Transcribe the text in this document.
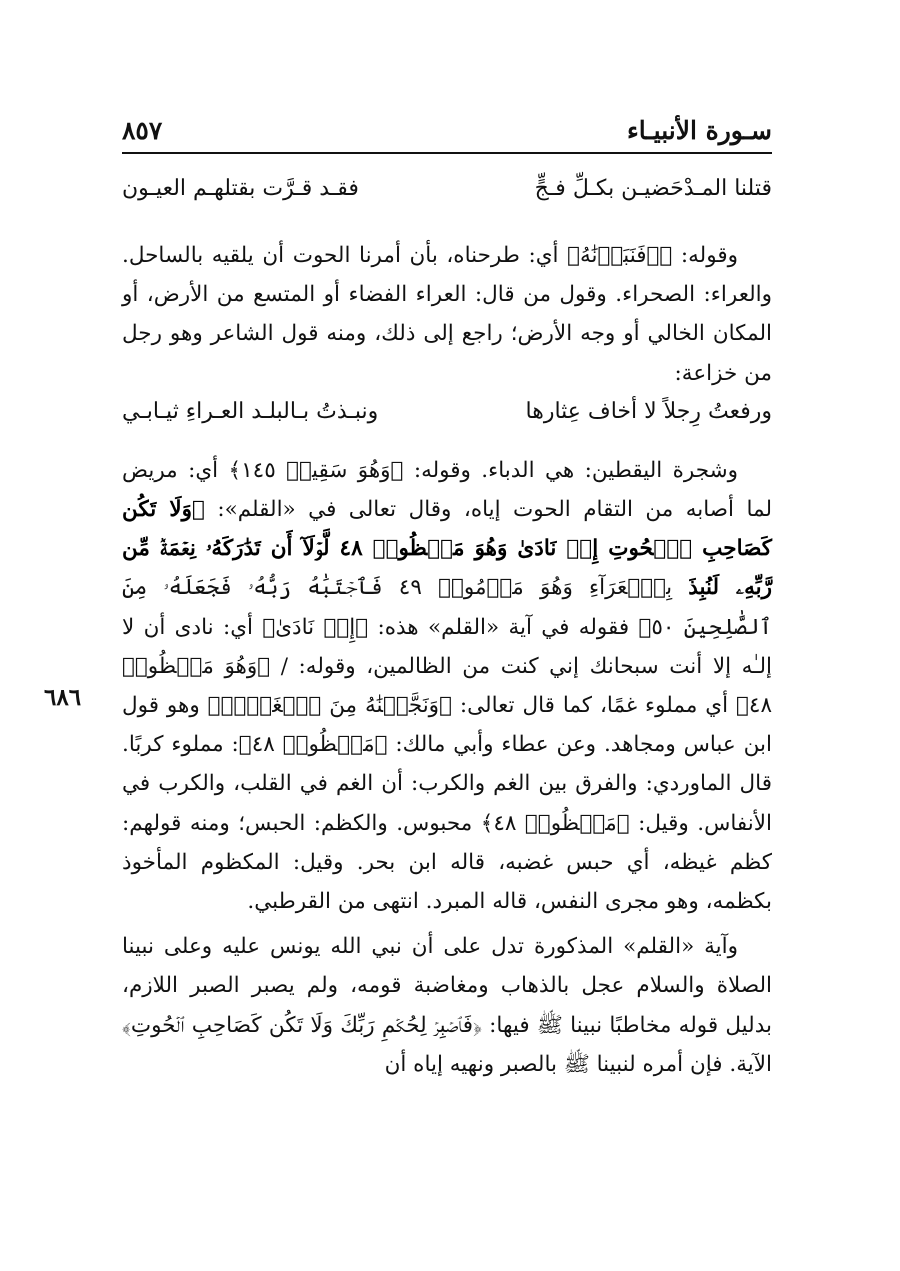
سـورة الأنبيـاء
٨٥٧
قتلنا المـدْحَضيـن بكـلِّ فـجٍّ
فقـد قـرَّت بقتلهـم العيـون

وقوله: ﴿ﵞفَنَبَذۡنَٰهُ﴾ أي: طرحناه، بأن أمرنا الحوت أن يلقيه بالساحل. والعراء: الصحراء. وقول من قال: العراء الفضاء أو المتسع من الأرض، أو المكان الخالي أو وجه الأرض؛ راجع إلى ذلك، ومنه قول الشاعر وهو رجل من خزاعة:

ورفعتُ رِجلاً لا أخاف عِثارها
ونبـذتُ بـالبلـد العـراءِ ثيـابـي

وشجرة اليقطين: هي الدباء. وقوله: ﴿وَهُوَ سَقِيمٞ ١٤٥﴾ أي: مريض لما أصابه من التقام الحوت إياه، وقال تعالى في «القلم»: ﴿وَلَا تَكُن كَصَاحِبِ ٱلۡحُوتِ إِذۡ نَادَىٰ وَهُوَ مَكۡظُومٞ ٤٨ لَّوۡلَآ أَن تَدَٰرَكَهُۥ نِعۡمَةٞ مِّن رَّبِّهِۦ لَنُبِذَ بِٱلۡعَرَآءِ وَهُوَ مَذۡمُومٞ ٤٩ فَٱجۡتَبَٰهُ رَبُّهُۥ فَجَعَلَهُۥ مِنَ ٱلصَّٰلِحِينَ ٥٠﴾ فقوله في آية «القلم» هذه: ﴿إِذۡ نَادَىٰ﴾ أي: نادى أن لا إلـٰه إلا أنت سبحانك إني كنت من الظالمين، وقوله: / ﴿وَهُوَ مَكۡظُومٞ ٤٨﴾ أي مملوء غمًا، كما قال تعالى: ﴿وَنَجَّيۡنَٰهُ مِنَ ٱلۡغَمِّۚ﴾ وهو قول ابن عباس ومجاهد. وعن عطاء وأبي مالك: ﴿مَكۡظُومٞ ٤٨﴾: مملوء كربًا. قال الماوردي: والفرق بين الغم والكرب: أن الغم في القلب، والكرب في الأنفاس. وقيل: ﴿مَكۡظُومٞ ٤٨﴾ محبوس. والكظم: الحبس؛ ومنه قولهم: كظم غيظه، أي حبس غضبه، قاله ابن بحر. وقيل: المكظوم المأخوذ بكظمه، وهو مجرى النفس، قاله المبرد. انتهى من القرطبي.

وآية «القلم» المذكورة تدل على أن نبي الله يونس عليه وعلى نبينا الصلاة والسلام عجل بالذهاب ومغاضبة قومه، ولم يصبر الصبر اللازم، بدليل قوله مخاطبًا نبينا ﷺ فيها: ﴿فَٱصۡبِرۡ لِحُكۡمِ رَبِّكَ وَلَا تَكُن كَصَاحِبِ ٱلۡحُوتِ﴾ الآية. فإن أمره لنبينا ﷺ بالصبر ونهيه إياه أن

٦٨٦
